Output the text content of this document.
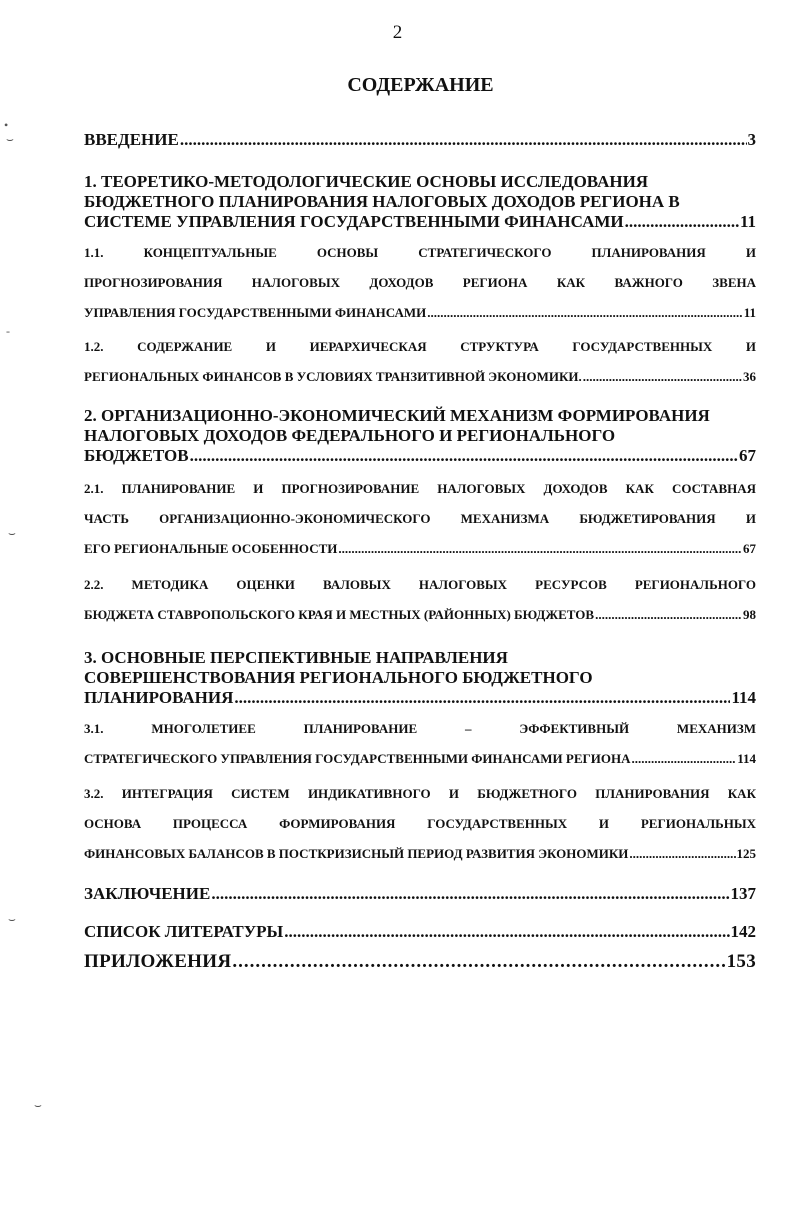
2
СОДЕРЖАНИЕ
ВВЕДЕНИЕ .....	3
1. ТЕОРЕТИКО-МЕТОДОЛОГИЧЕСКИЕ ОСНОВЫ ИССЛЕДОВАНИЯ
БЮДЖЕТНОГО ПЛАНИРОВАНИЯ НАЛОГОВЫХ ДОХОДОВ РЕГИОНА В
СИСТЕМЕ УПРАВЛЕНИЯ ГОСУДАРСТВЕННЫМИ ФИНАНСАМИ .....	11
1.1. КОНЦЕПТУАЛЬНЫЕ ОСНОВЫ СТРАТЕГИЧЕСКОГО ПЛАНИРОВАНИЯ И
ПРОГНОЗИРОВАНИЯ НАЛОГОВЫХ ДОХОДОВ РЕГИОНА КАК ВАЖНОГО ЗВЕНА
УПРАВЛЕНИЯ ГОСУДАРСТВЕННЫМИ ФИНАНСАМИ .....	11
1.2. СОДЕРЖАНИЕ И ИЕРАРХИЧЕСКАЯ СТРУКТУРА ГОСУДАРСТВЕННЫХ И
РЕГИОНАЛЬНЫХ ФИНАНСОВ В УСЛОВИЯХ ТРАНЗИТИВНОЙ ЭКОНОМИКИ. .....	36
2. ОРГАНИЗАЦИОННО-ЭКОНОМИЧЕСКИЙ МЕХАНИЗМ ФОРМИРОВАНИЯ
НАЛОГОВЫХ ДОХОДОВ ФЕДЕРАЛЬНОГО И РЕГИОНАЛЬНОГО
БЮДЖЕТОВ .....	67
2.1. ПЛАНИРОВАНИЕ И ПРОГНОЗИРОВАНИЕ НАЛОГОВЫХ ДОХОДОВ КАК СОСТАВНАЯ
ЧАСТЬ ОРГАНИЗАЦИОННО-ЭКОНОМИЧЕСКОГО МЕХАНИЗМА БЮДЖЕТИРОВАНИЯ И
ЕГО РЕГИОНАЛЬНЫЕ ОСОБЕННОСТИ .....	67
2.2. МЕТОДИКА ОЦЕНКИ ВАЛОВЫХ НАЛОГОВЫХ РЕСУРСОВ РЕГИОНАЛЬНОГО
БЮДЖЕТА СТАВРОПОЛЬСКОГО КРАЯ И МЕСТНЫХ (РАЙОННЫХ) БЮДЖЕТОВ .....	98
3. ОСНОВНЫЕ ПЕРСПЕКТИВНЫЕ НАПРАВЛЕНИЯ
СОВЕРШЕНСТВОВАНИЯ РЕГИОНАЛЬНОГО БЮДЖЕТНОГО
ПЛАНИРОВАНИЯ .....	114
3.1. МНОГОЛЕТИЕЕ ПЛАНИРОВАНИЕ – ЭФФЕКТИВНЫЙ МЕХАНИЗМ
СТРАТЕГИЧЕСКОГО УПРАВЛЕНИЯ ГОСУДАРСТВЕННЫМИ ФИНАНСАМИ РЕГИОНА .....	114
3.2. ИНТЕГРАЦИЯ СИСТЕМ ИНДИКАТИВНОГО И БЮДЖЕТНОГО ПЛАНИРОВАНИЯ КАК
ОСНОВА ПРОЦЕССА ФОРМИРОВАНИЯ ГОСУДАРСТВЕННЫХ И РЕГИОНАЛЬНЫХ
ФИНАНСОВЫХ БАЛАНСОВ В ПОСТКРИЗИСНЫЙ ПЕРИОД РАЗВИТИЯ ЭКОНОМИКИ .....	125
ЗАКЛЮЧЕНИЕ .....	137
СПИСОК ЛИТЕРАТУРЫ .....	142
ПРИЛОЖЕНИЯ .....	153
•
⌣
-
⌣
⌣
⌣
